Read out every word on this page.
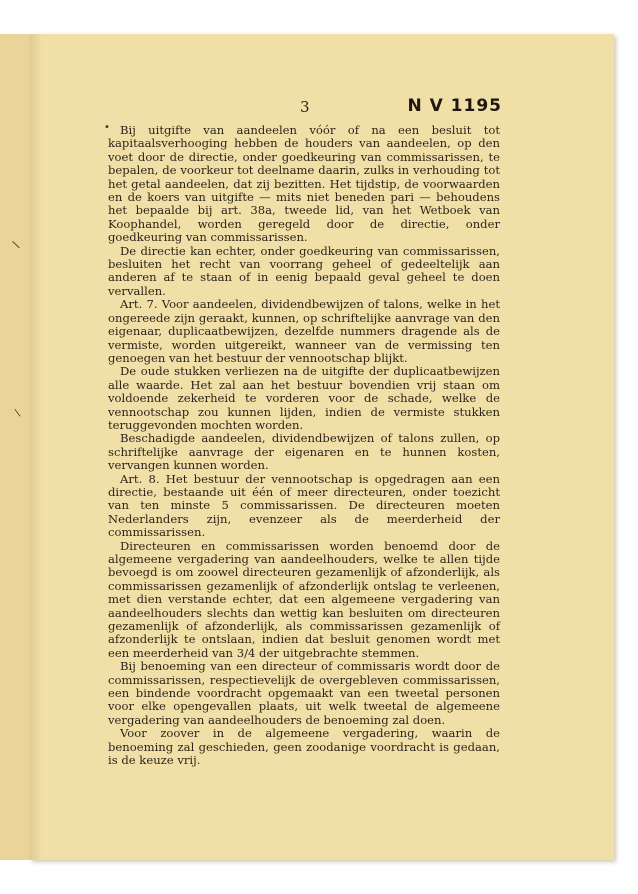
\
\
•
3	N V 1195

Bij uitgifte van aandeelen vóór of na een besluit tot kapitaalsverhooging hebben de houders van aandeelen, op den voet door de directie, onder goedkeuring van commissarissen, te bepalen, de voorkeur tot deelname daarin, zulks in verhouding tot het getal aandeelen, dat zij bezitten. Het tijdstip, de voorwaarden en de koers van uitgifte — mits niet beneden pari — behoudens het bepaalde bij art. 38a, tweede lid, van het Wetboek van Koophandel, worden geregeld door de directie, onder goedkeuring van commissarissen.

De directie kan echter, onder goedkeuring van commissarissen, besluiten het recht van voorrang geheel of gedeeltelijk aan anderen af te staan of in eenig bepaald geval geheel te doen vervallen.

Art. 7. Voor aandeelen, dividendbewijzen of talons, welke in het ongereede zijn geraakt, kunnen, op schriftelijke aanvrage van den eigenaar, duplicaatbewijzen, dezelfde nummers dragende als de vermiste, worden uitgereikt, wanneer van de vermissing ten genoegen van het bestuur der vennootschap blijkt.

De oude stukken verliezen na de uitgifte der duplicaatbewijzen alle waarde. Het zal aan het bestuur bovendien vrij staan om voldoende zekerheid te vorderen voor de schade, welke de vennootschap zou kunnen lijden, indien de vermiste stukken teruggevonden mochten worden.

Beschadigde aandeelen, dividendbewijzen of talons zullen, op schriftelijke aanvrage der eigenaren en te hunnen kosten, vervangen kunnen worden.

Art. 8. Het bestuur der vennootschap is opgedragen aan een directie, bestaande uit één of meer directeuren, onder toezicht van ten minste 5 commissarissen. De directeuren moeten Nederlanders zijn, evenzeer als de meerderheid der commissarissen.

Directeuren en commissarissen worden benoemd door de algemeene vergadering van aandeelhouders, welke te allen tijde bevoegd is om zoowel directeuren gezamenlijk of afzonderlijk, als commissarissen gezamenlijk of afzonderlijk ontslag te verleenen, met dien verstande echter, dat een algemeene vergadering van aandeelhouders slechts dan wettig kan besluiten om directeuren gezamenlijk of afzonderlijk, als commissarissen gezamenlijk of afzonderlijk te ontslaan, indien dat besluit genomen wordt met een meerderheid van 3/4 der uitgebrachte stemmen.

Bij benoeming van een directeur of commissaris wordt door de commissarissen, respectievelijk de overgebleven commissarissen, een bindende voordracht opgemaakt van een tweetal personen voor elke opengevallen plaats, uit welk tweetal de algemeene vergadering van aandeelhouders de benoeming zal doen.

Voor zoover in de algemeene vergadering, waarin de benoeming zal geschieden, geen zoodanige voordracht is gedaan, is de keuze vrij.
